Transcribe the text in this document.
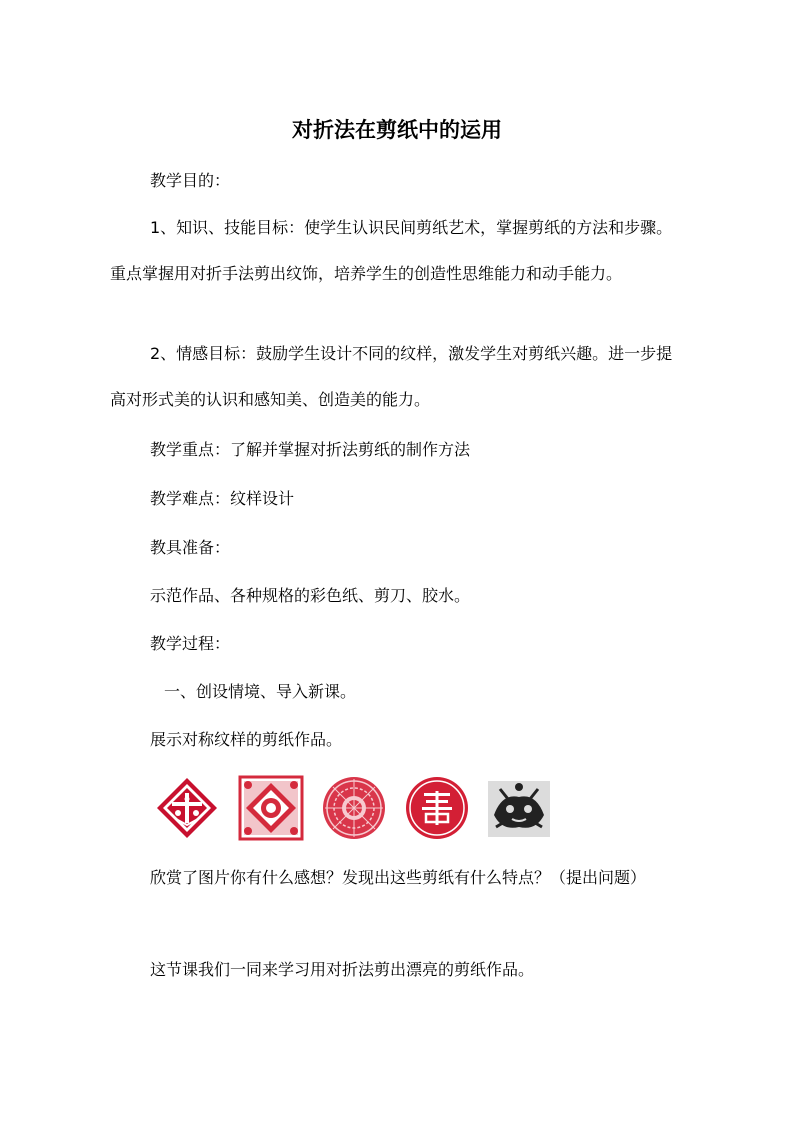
对折法在剪纸中的运用

教学目的：

1、知识、技能目标：使学生认识民间剪纸艺术，掌握剪纸的方法和步骤。重点掌握用对折手法剪出纹饰，培养学生的创造性思维能力和动手能力。

2、情感目标：鼓励学生设计不同的纹样，激发学生对剪纸兴趣。进一步提高对形式美的认识和感知美、创造美的能力。

教学重点：了解并掌握对折法剪纸的制作方法

教学难点：纹样设计

教具准备：

示范作品、各种规格的彩色纸、剪刀、胶水。

教学过程：

一、创设情境、导入新课。

展示对称纹样的剪纸作品。

欣赏了图片你有什么感想？发现出这些剪纸有什么特点？（提出问题）

这节课我们一同来学习用对折法剪出漂亮的剪纸作品。
